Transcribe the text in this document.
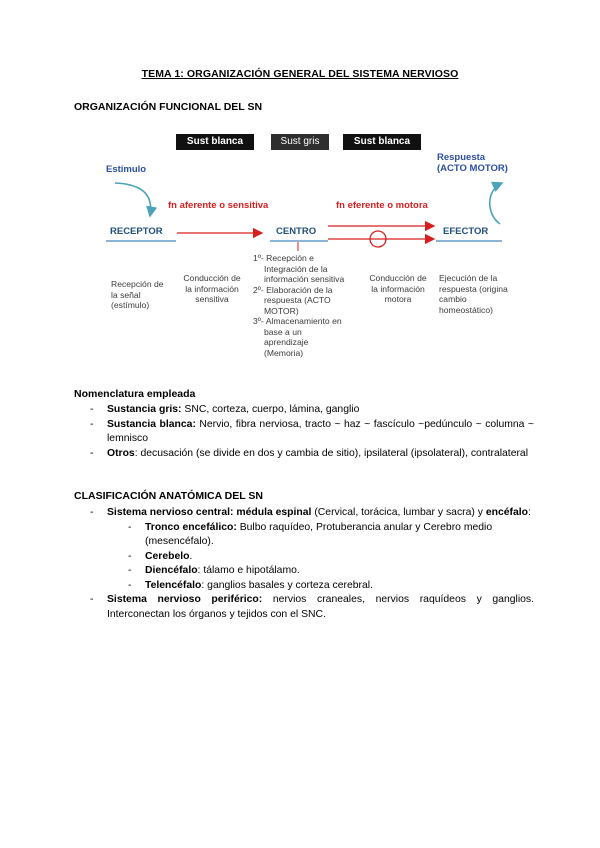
TEMA 1: ORGANIZACIÓN GENERAL DEL SISTEMA NERVIOSO
ORGANIZACIÓN FUNCIONAL DEL SN
Sust blanca	Sust gris	Sust blanca
Estímulo
Respuesta
(ACTO MOTOR)
fn aferente o sensitiva	fn eferente o motora
RECEPTOR	CENTRO	EFECTOR
Recepción de
la señal
(estímulo)
Conducción de
la información
sensitiva
1º- Recepción e
Integración de la
información sensitiva
2º- Elaboración de la
respuesta (ACTO
MOTOR)
3º- Almacenamiento en
base a un
aprendizaje
(Memoria)
Conducción de
la información
motora
Ejecución de la
respuesta (origina
cambio
homeostático)
Nomenclatura empleada
- Sustancia gris: SNC, corteza, cuerpo, lámina, ganglio
- Sustancia blanca: Nervio, fibra nerviosa, tracto ~ haz ~ fascículo ~pedúnculo ~ columna ~ lemnisco
- Otros: decusación (se divide en dos y cambia de sitio), ipsilateral (ipsolateral), contralateral
CLASIFICACIÓN ANATÓMICA DEL SN
- Sistema nervioso central: médula espinal (Cervical, torácica, lumbar y sacra) y encéfalo:
- Tronco encefálico: Bulbo raquídeo, Protuberancia anular y Cerebro medio (mesencéfalo).
- Cerebelo.
- Diencéfalo: tálamo e hipotálamo.
- Telencéfalo: ganglios basales y corteza cerebral.
- Sistema nervioso periférico: nervios craneales, nervios raquídeos y ganglios. Interconectan los órganos y tejidos con el SNC.
